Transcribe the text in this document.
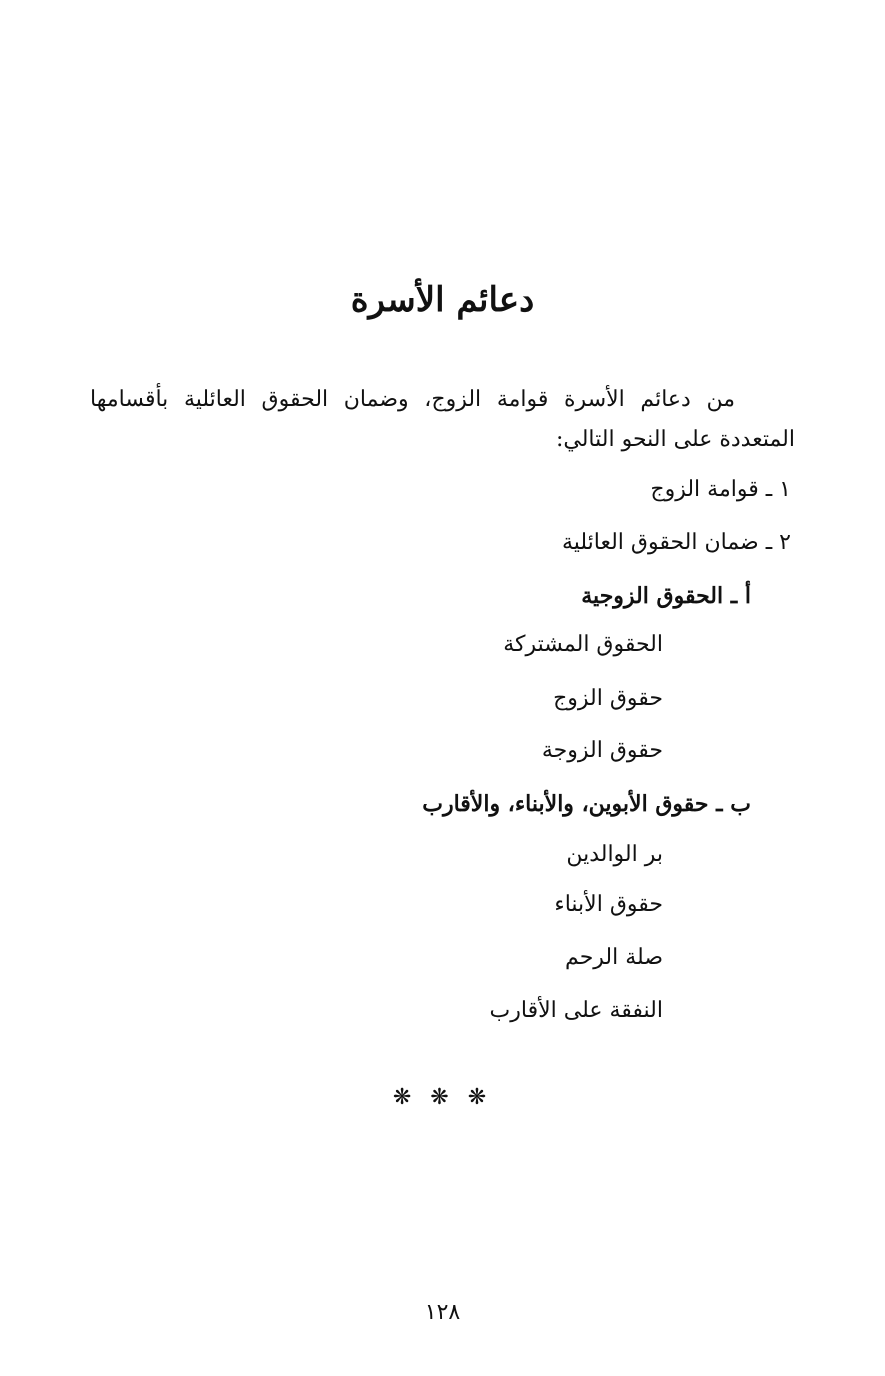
دعائم الأسرة

من دعائم الأسرة قوامة الزوج، وضمان الحقوق العائلية بأقسامها المتعددة على النحو التالي:

١ ـ قوامة الزوج

٢ ـ ضمان الحقوق العائلية

أ ـ الحقوق الزوجية

الحقوق المشتركة

حقوق الزوج

حقوق الزوجة

ب ـ حقوق الأبوين، والأبناء، والأقارب

بر الوالدين

حقوق الأبناء

صلة الرحم

النفقة على الأقارب

❋ ❋ ❋

١٢٨
